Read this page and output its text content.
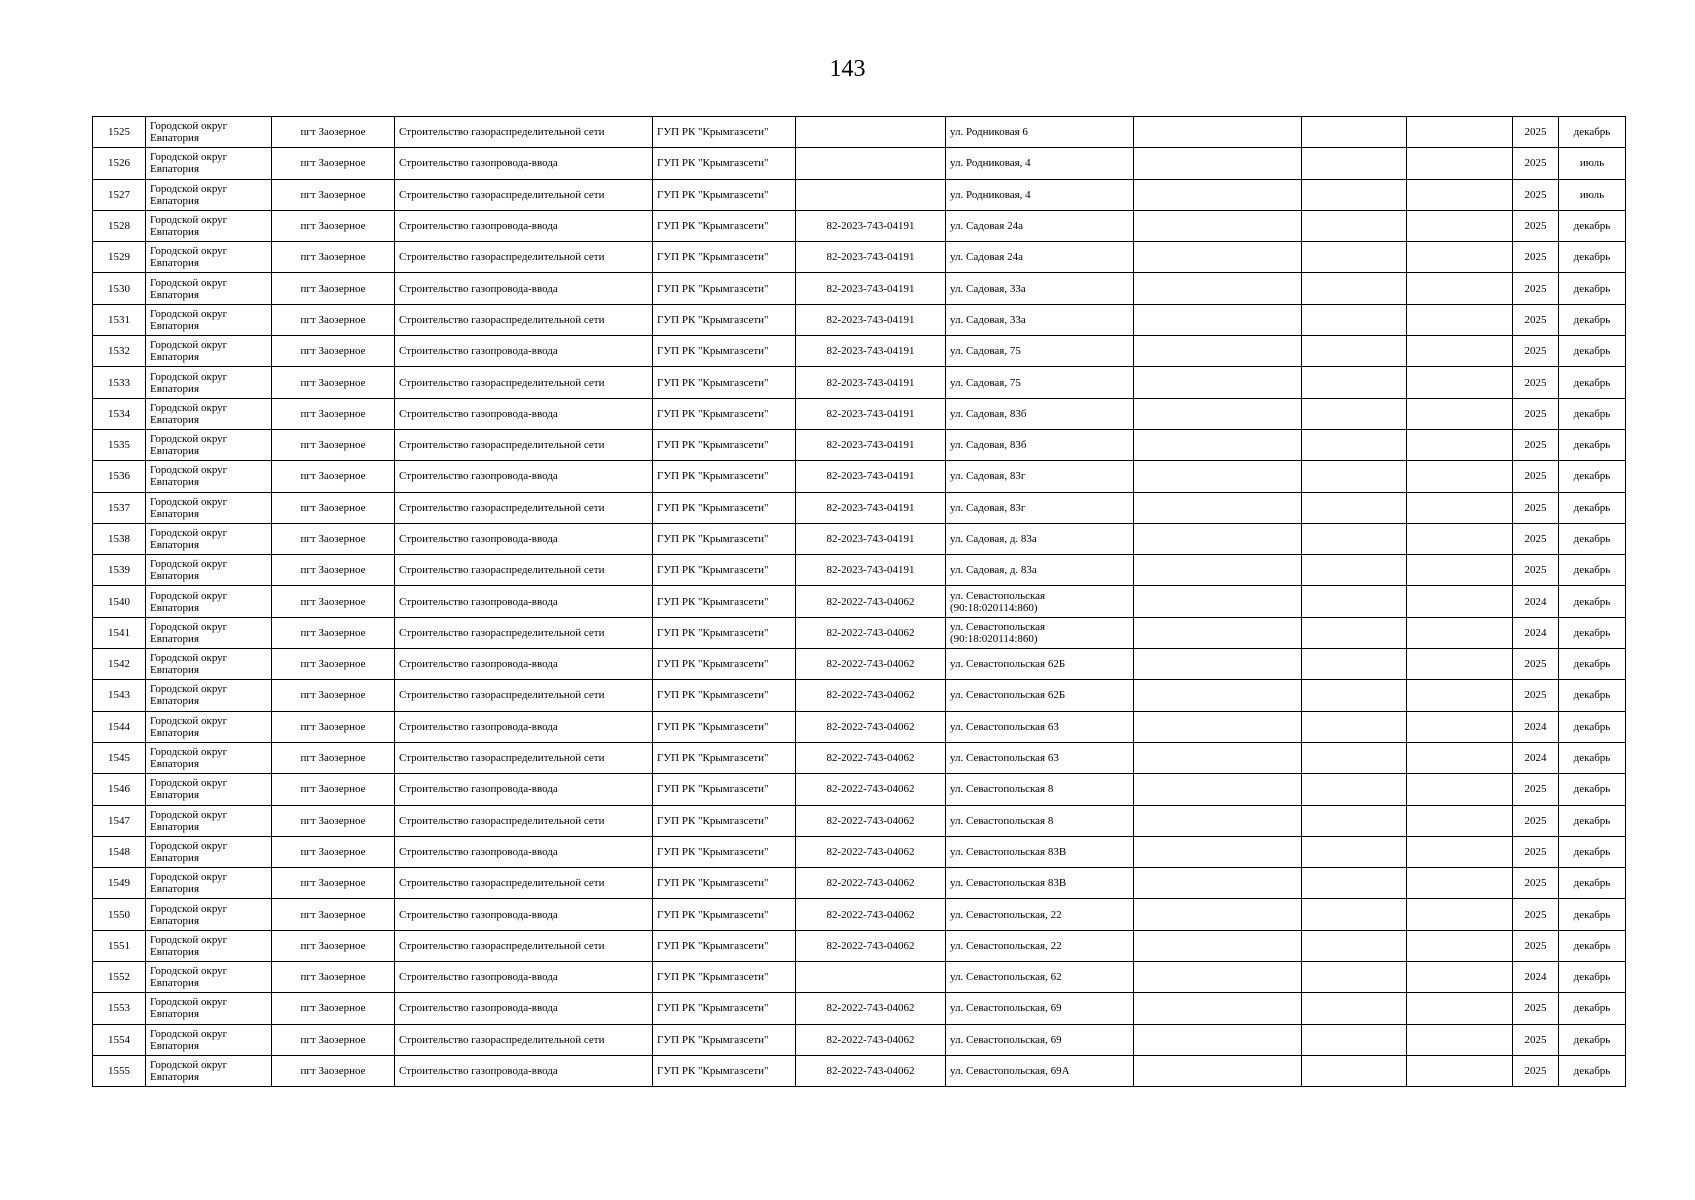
143
1525	Городской округ
Евпатория	пгт Заозерное	Строительство газораспределительной сети	ГУП РК "Крымгазсети"		ул. Родниковая 6				2025	декабрь
1526	Городской округ
Евпатория	пгт Заозерное	Строительство газопровода-ввода	ГУП РК "Крымгазсети"		ул. Родниковая, 4				2025	июль
1527	Городской округ
Евпатория	пгт Заозерное	Строительство газораспределительной сети	ГУП РК "Крымгазсети"		ул. Родниковая, 4				2025	июль
1528	Городской округ
Евпатория	пгт Заозерное	Строительство газопровода-ввода	ГУП РК "Крымгазсети"	82-2023-743-04191	ул. Садовая 24а				2025	декабрь
1529	Городской округ
Евпатория	пгт Заозерное	Строительство газораспределительной сети	ГУП РК "Крымгазсети"	82-2023-743-04191	ул. Садовая 24а				2025	декабрь
1530	Городской округ
Евпатория	пгт Заозерное	Строительство газопровода-ввода	ГУП РК "Крымгазсети"	82-2023-743-04191	ул. Садовая, 33а				2025	декабрь
1531	Городской округ
Евпатория	пгт Заозерное	Строительство газораспределительной сети	ГУП РК "Крымгазсети"	82-2023-743-04191	ул. Садовая, 33а				2025	декабрь
1532	Городской округ
Евпатория	пгт Заозерное	Строительство газопровода-ввода	ГУП РК "Крымгазсети"	82-2023-743-04191	ул. Садовая, 75				2025	декабрь
1533	Городской округ
Евпатория	пгт Заозерное	Строительство газораспределительной сети	ГУП РК "Крымгазсети"	82-2023-743-04191	ул. Садовая, 75				2025	декабрь
1534	Городской округ
Евпатория	пгт Заозерное	Строительство газопровода-ввода	ГУП РК "Крымгазсети"	82-2023-743-04191	ул. Садовая, 83б				2025	декабрь
1535	Городской округ
Евпатория	пгт Заозерное	Строительство газораспределительной сети	ГУП РК "Крымгазсети"	82-2023-743-04191	ул. Садовая, 83б				2025	декабрь
1536	Городской округ
Евпатория	пгт Заозерное	Строительство газопровода-ввода	ГУП РК "Крымгазсети"	82-2023-743-04191	ул. Садовая, 83г				2025	декабрь
1537	Городской округ
Евпатория	пгт Заозерное	Строительство газораспределительной сети	ГУП РК "Крымгазсети"	82-2023-743-04191	ул. Садовая, 83г				2025	декабрь
1538	Городской округ
Евпатория	пгт Заозерное	Строительство газопровода-ввода	ГУП РК "Крымгазсети"	82-2023-743-04191	ул. Садовая, д. 83а				2025	декабрь
1539	Городской округ
Евпатория	пгт Заозерное	Строительство газораспределительной сети	ГУП РК "Крымгазсети"	82-2023-743-04191	ул. Садовая, д. 83а				2025	декабрь
1540	Городской округ
Евпатория	пгт Заозерное	Строительство газопровода-ввода	ГУП РК "Крымгазсети"	82-2022-743-04062	ул. Севастопольская
(90:18:020114:860)				2024	декабрь
1541	Городской округ
Евпатория	пгт Заозерное	Строительство газораспределительной сети	ГУП РК "Крымгазсети"	82-2022-743-04062	ул. Севастопольская
(90:18:020114:860)				2024	декабрь
1542	Городской округ
Евпатория	пгт Заозерное	Строительство газопровода-ввода	ГУП РК "Крымгазсети"	82-2022-743-04062	ул. Севастопольская 62Б				2025	декабрь
1543	Городской округ
Евпатория	пгт Заозерное	Строительство газораспределительной сети	ГУП РК "Крымгазсети"	82-2022-743-04062	ул. Севастопольская 62Б				2025	декабрь
1544	Городской округ
Евпатория	пгт Заозерное	Строительство газопровода-ввода	ГУП РК "Крымгазсети"	82-2022-743-04062	ул. Севастопольская 63				2024	декабрь
1545	Городской округ
Евпатория	пгт Заозерное	Строительство газораспределительной сети	ГУП РК "Крымгазсети"	82-2022-743-04062	ул. Севастопольская 63				2024	декабрь
1546	Городской округ
Евпатория	пгт Заозерное	Строительство газопровода-ввода	ГУП РК "Крымгазсети"	82-2022-743-04062	ул. Севастопольская 8				2025	декабрь
1547	Городской округ
Евпатория	пгт Заозерное	Строительство газораспределительной сети	ГУП РК "Крымгазсети"	82-2022-743-04062	ул. Севастопольская 8				2025	декабрь
1548	Городской округ
Евпатория	пгт Заозерное	Строительство газопровода-ввода	ГУП РК "Крымгазсети"	82-2022-743-04062	ул. Севастопольская 83В				2025	декабрь
1549	Городской округ
Евпатория	пгт Заозерное	Строительство газораспределительной сети	ГУП РК "Крымгазсети"	82-2022-743-04062	ул. Севастопольская 83В				2025	декабрь
1550	Городской округ
Евпатория	пгт Заозерное	Строительство газопровода-ввода	ГУП РК "Крымгазсети"	82-2022-743-04062	ул. Севастопольская, 22				2025	декабрь
1551	Городской округ
Евпатория	пгт Заозерное	Строительство газораспределительной сети	ГУП РК "Крымгазсети"	82-2022-743-04062	ул. Севастопольская, 22				2025	декабрь
1552	Городской округ
Евпатория	пгт Заозерное	Строительство газопровода-ввода	ГУП РК "Крымгазсети"		ул. Севастопольская, 62				2024	декабрь
1553	Городской округ
Евпатория	пгт Заозерное	Строительство газопровода-ввода	ГУП РК "Крымгазсети"	82-2022-743-04062	ул. Севастопольская, 69				2025	декабрь
1554	Городской округ
Евпатория	пгт Заозерное	Строительство газораспределительной сети	ГУП РК "Крымгазсети"	82-2022-743-04062	ул. Севастопольская, 69				2025	декабрь
1555	Городской округ
Евпатория	пгт Заозерное	Строительство газопровода-ввода	ГУП РК "Крымгазсети"	82-2022-743-04062	ул. Севастопольская, 69А				2025	декабрь
